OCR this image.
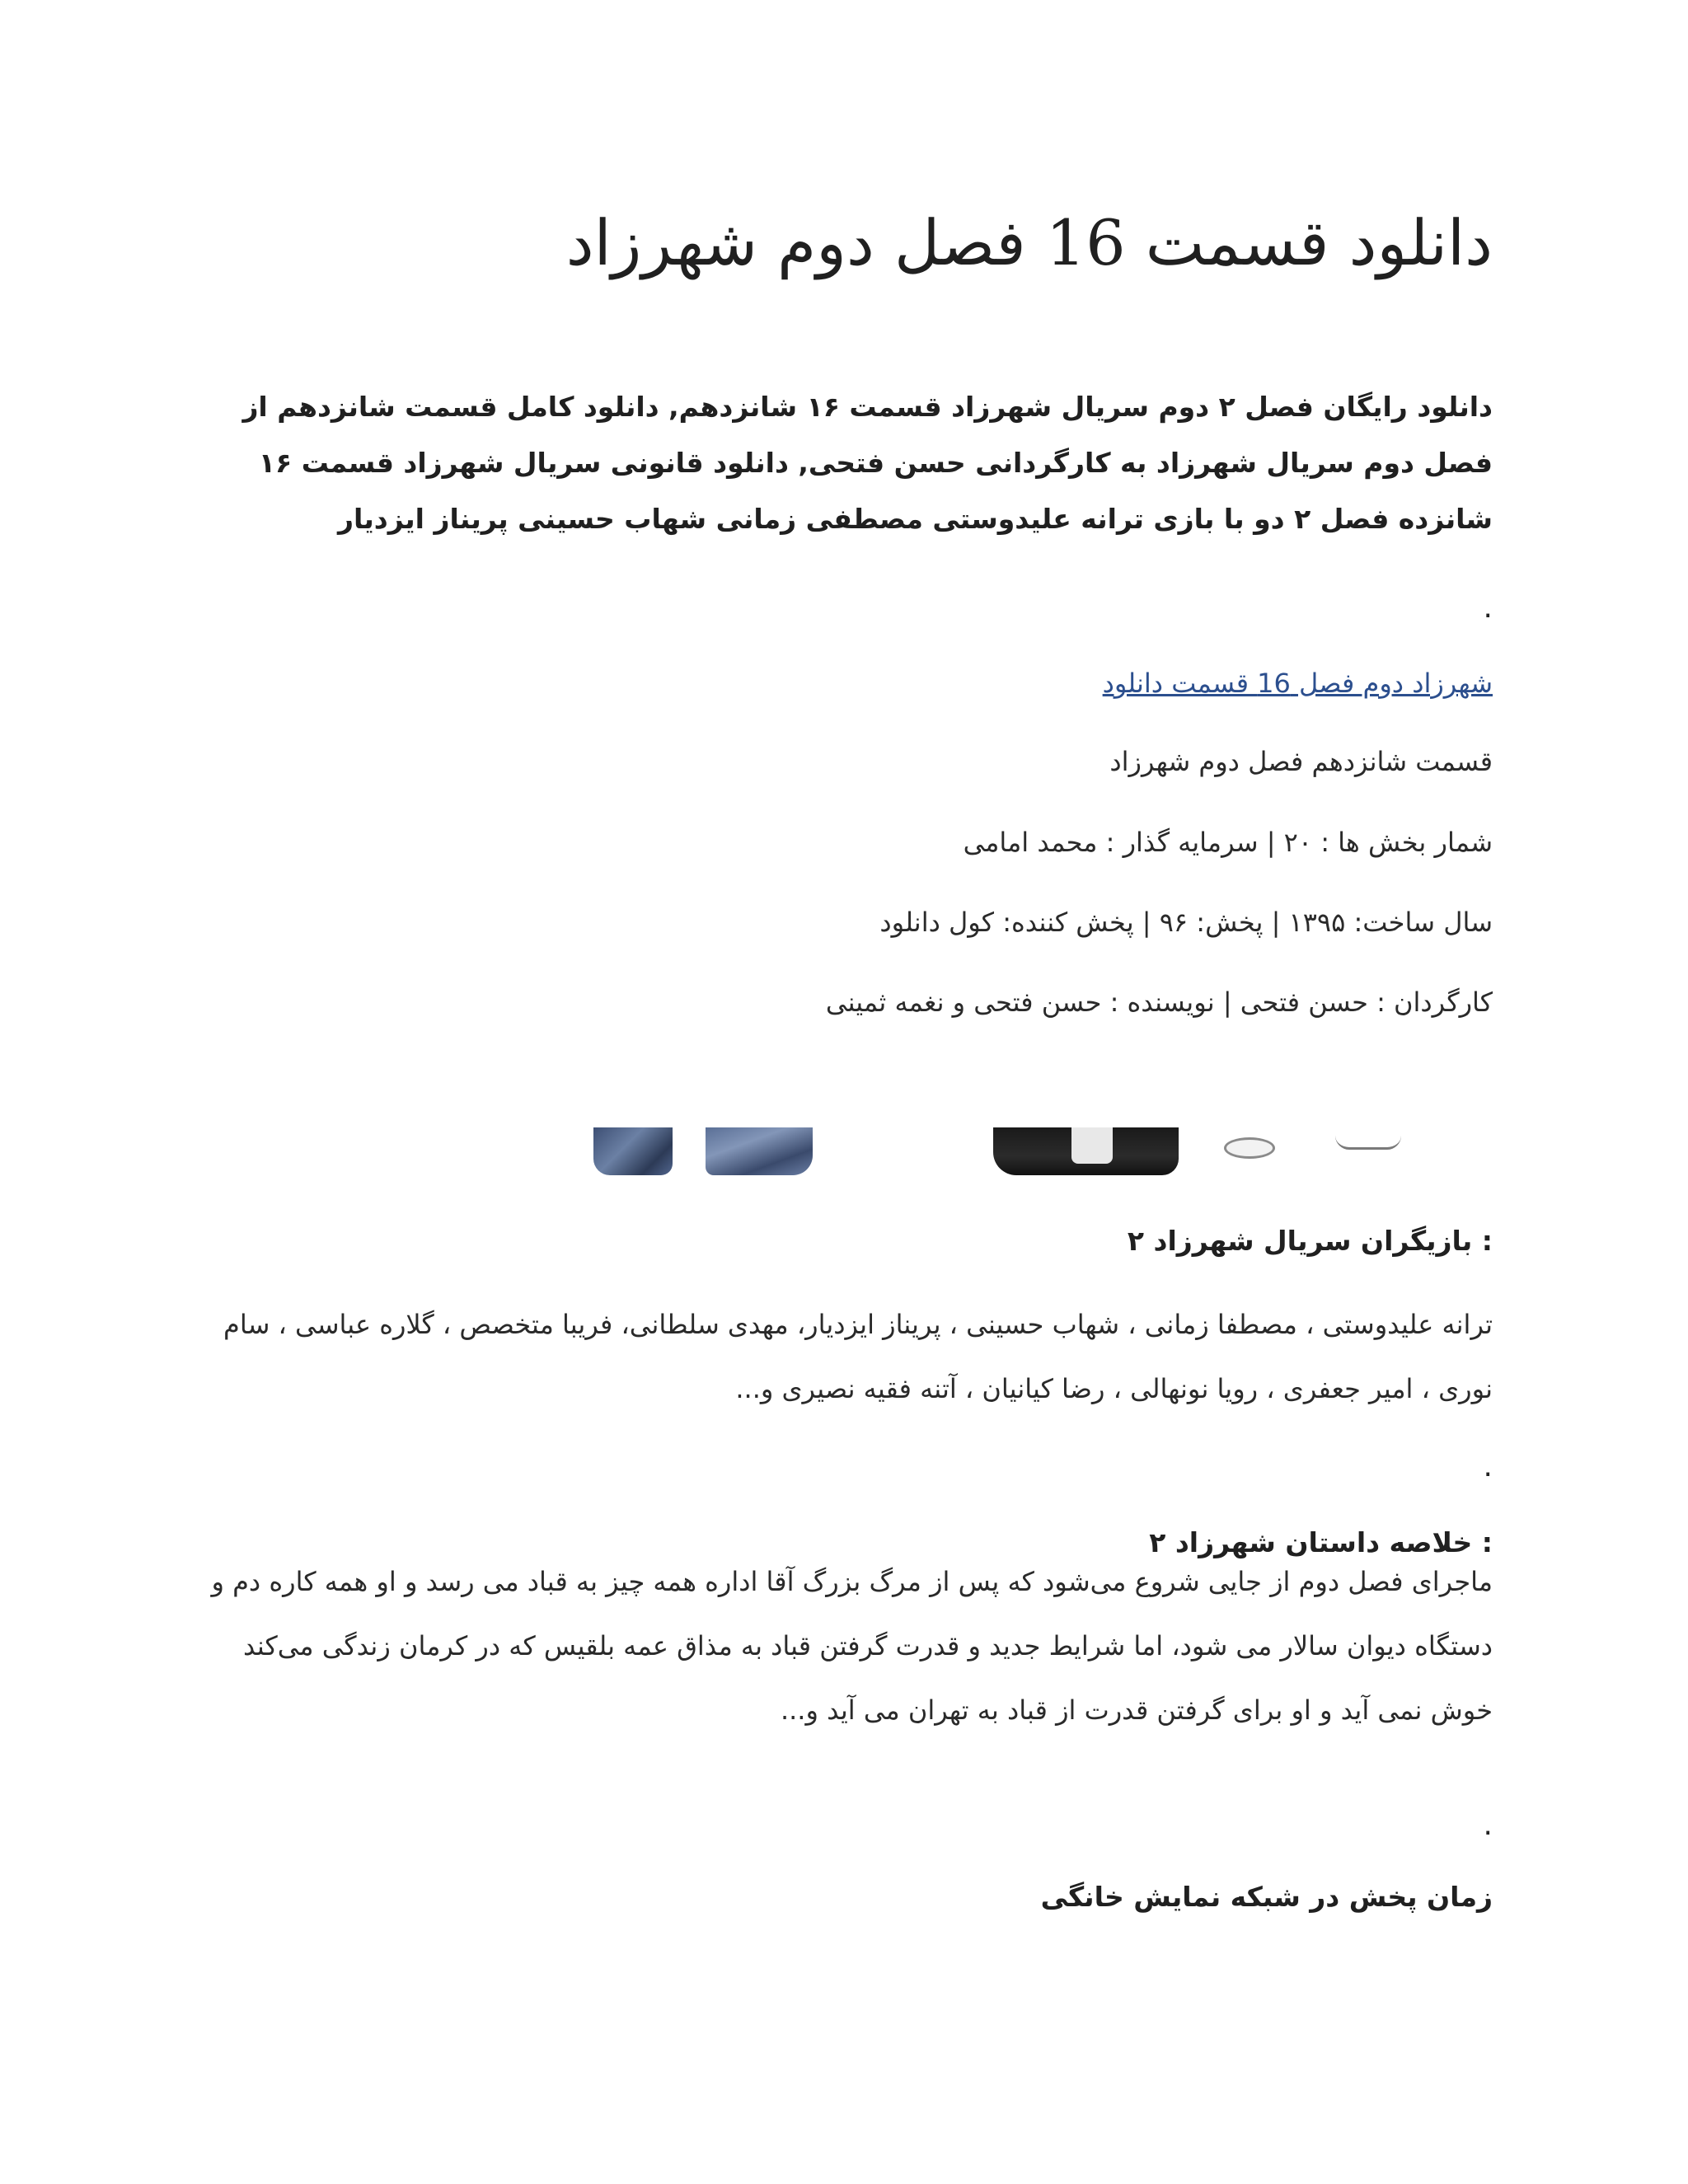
دانلود قسمت 16 فصل دوم شهرزاد

دانلود رایگان فصل ۲ دوم سریال شهرزاد قسمت ۱۶ شانزدهم, دانلود کامل قسمت شانزدهم از فصل دوم سریال شهرزاد به کارگردانی حسن فتحی, دانلود قانونی سریال شهرزاد قسمت ۱۶ شانزده فصل ۲ دو با بازی ترانه علیدوستی مصطفی زمانی شهاب حسینی پریناز ایزدیار

.
شهرزاد دوم فصل 16 قسمت دانلود
قسمت شانزدهم فصل دوم شهرزاد
شمار بخش ها : ۲۰ | سرمایه گذار : محمد امامی
سال ساخت: ۱۳۹۵ | پخش: ۹۶ | پخش کننده: کول دانلود
کارگردان : حسن فتحی | نویسنده : حسن فتحی و نغمه ثمینی
: بازیگران سریال شهرزاد ۲

ترانه علیدوستی ، مصطفا زمانی ، شهاب حسینی ، پریناز ایزدیار، مهدی سلطانی، فریبا متخصص ، گلاره عباسی ، سام نوری ، امیر جعفری ، رویا نونهالی ، رضا کیانیان ، آتنه فقیه نصیری و...

.
: خلاصه داستان شهرزاد ۲

ماجرای فصل دوم از جایی شروع می‌شود که پس از مرگ بزرگ آقا اداره همه چیز به قباد می رسد و او همه کاره دم و دستگاه دیوان سالار می شود، اما شرایط جدید و قدرت گرفتن قباد به مذاق عمه بلقیس که در کرمان زندگی می‌کند خوش نمی آید و او برای گرفتن قدرت از قباد به تهران می آید و...

.
زمان پخش در شبکه نمایش خانگی
